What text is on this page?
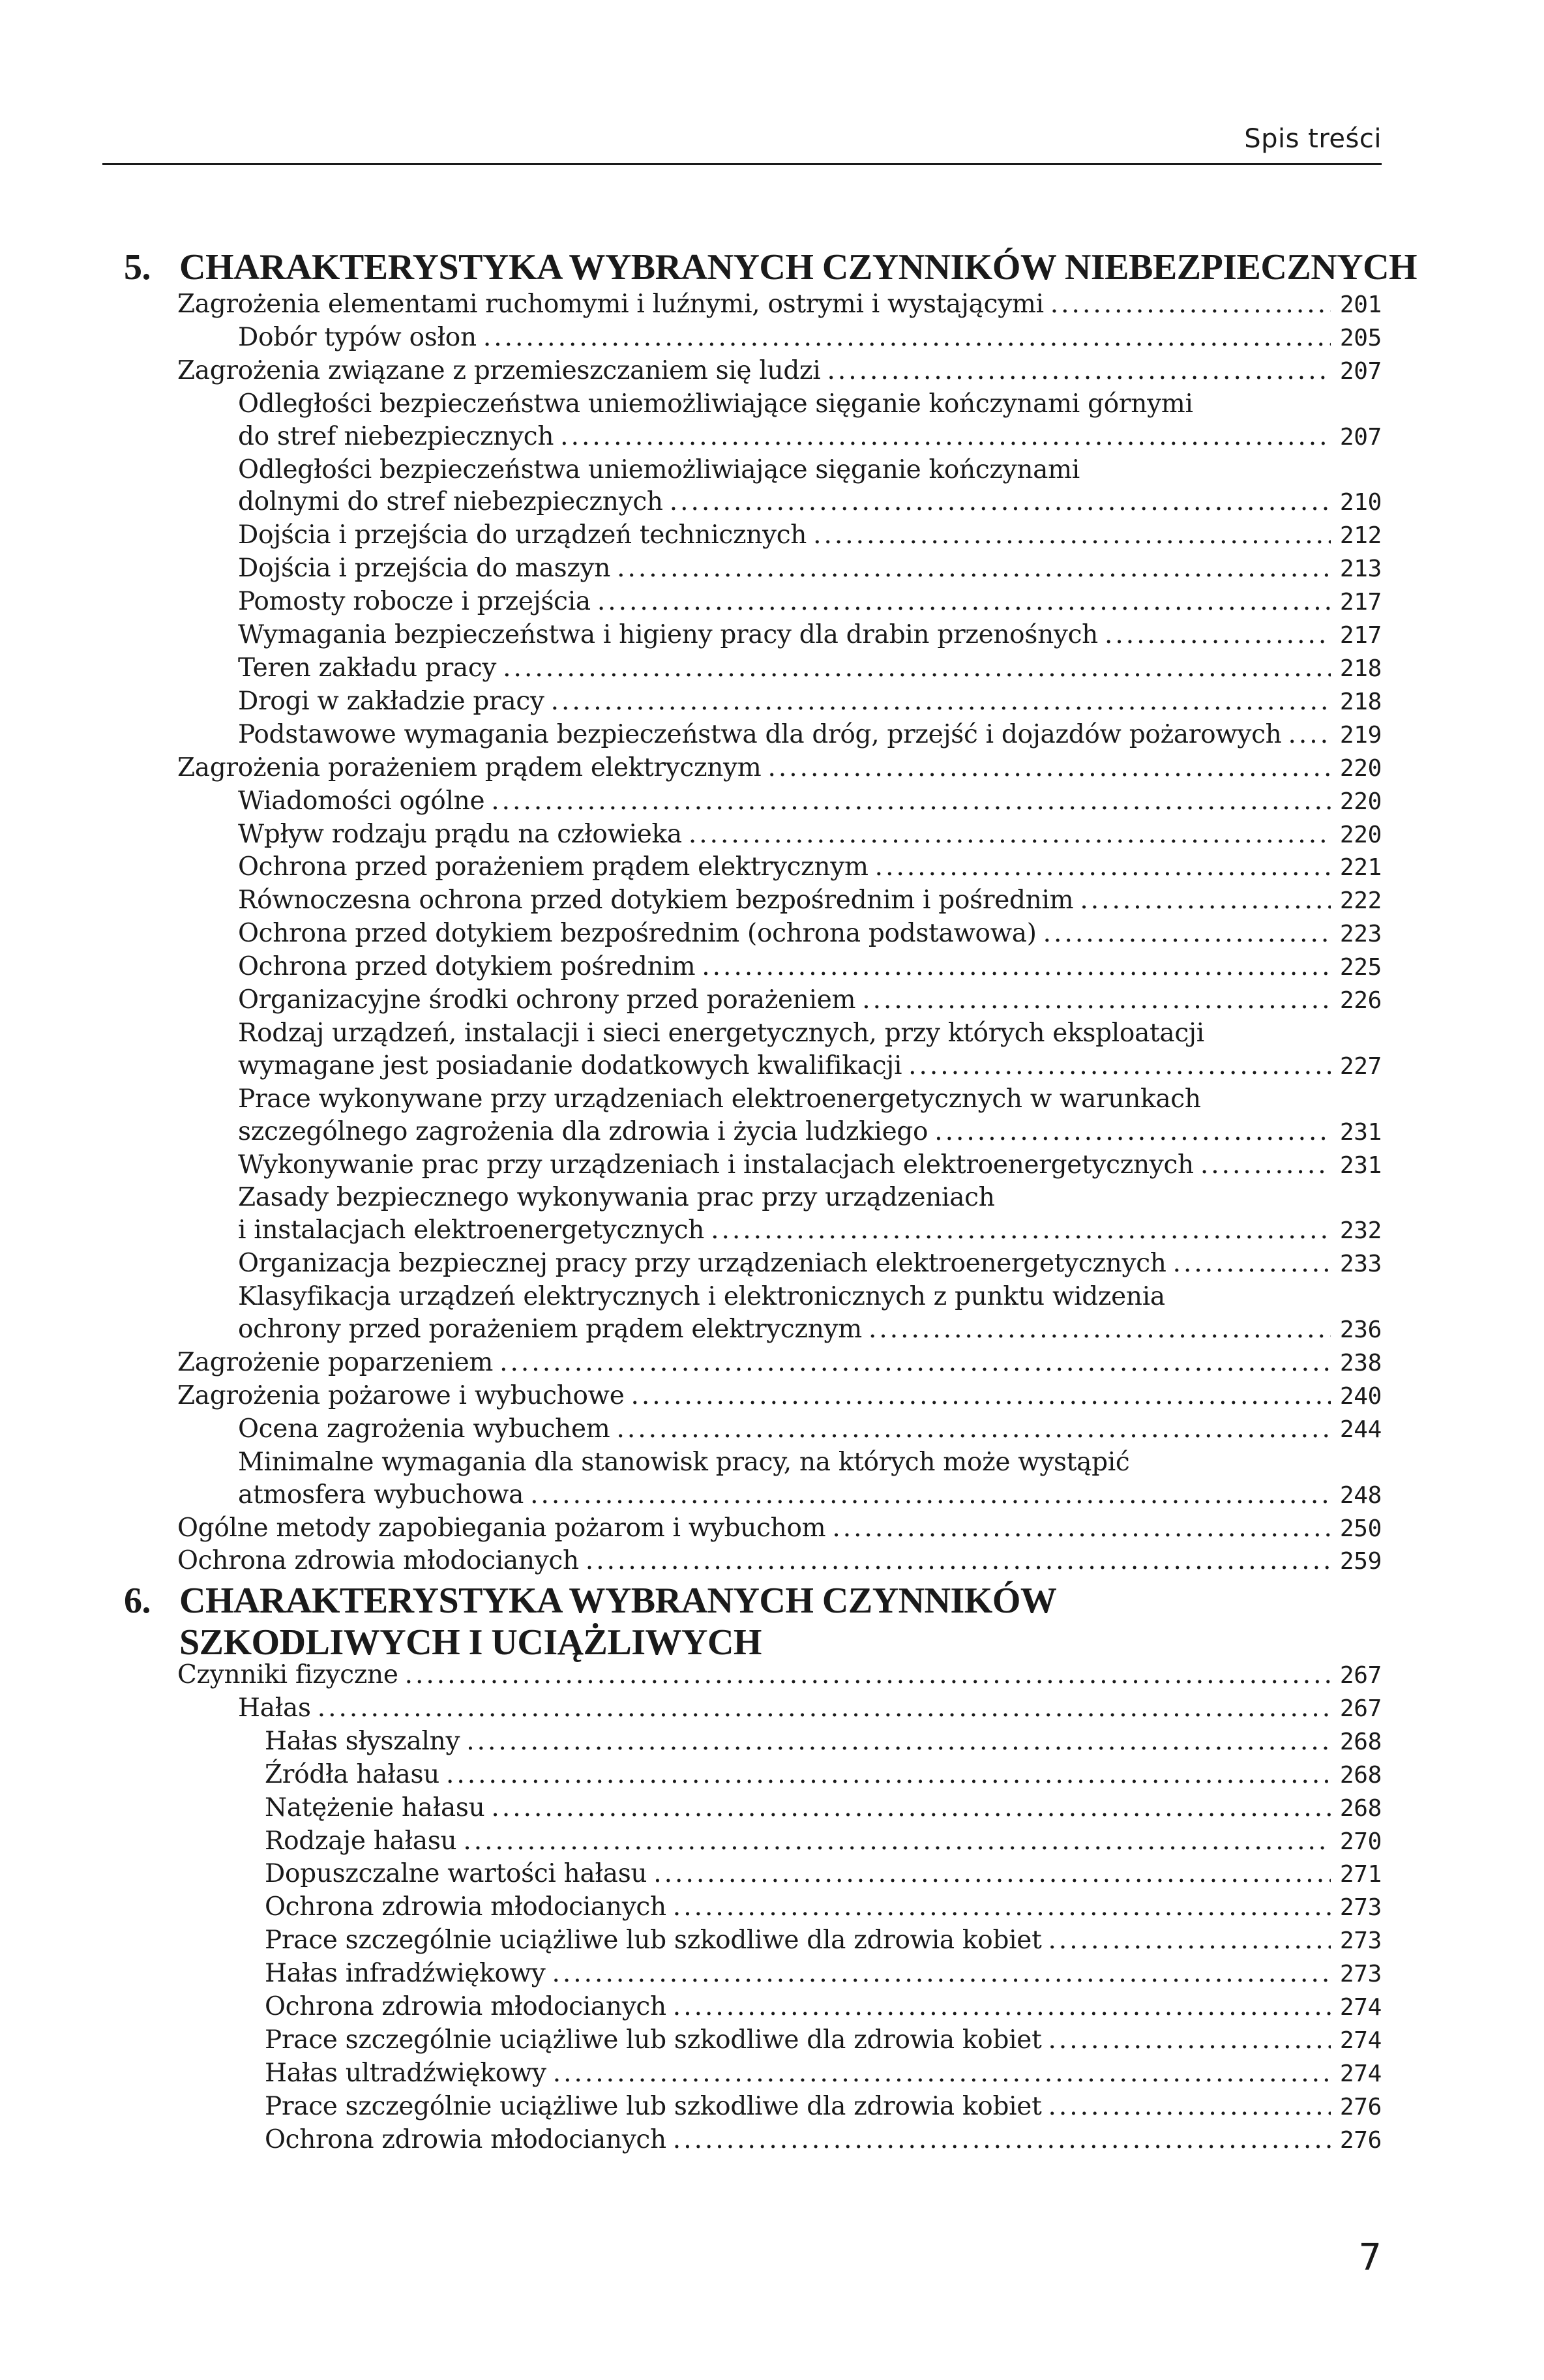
Spis treści
5. CHARAKTERYSTYKA WYBRANYCH CZYNNIKÓW NIEBEZPIECZNYCH
Zagrożenia elementami ruchomymi i luźnymi, ostrymi i wystającymi . . .	201
Dobór typów osłon . . .	205
Zagrożenia związane z przemieszczaniem się ludzi . . .	207
Odległości bezpieczeństwa uniemożliwiające sięganie kończynami górnymi
do stref niebezpiecznych . . .	207
Odległości bezpieczeństwa uniemożliwiające sięganie kończynami
dolnymi do stref niebezpiecznych . . .	210
Dojścia i przejścia do urządzeń technicznych . . .	212
Dojścia i przejścia do maszyn . . .	213
Pomosty robocze i przejścia . . .	217
Wymagania bezpieczeństwa i higieny pracy dla drabin przenośnych . . .	217
Teren zakładu pracy . . .	218
Drogi w zakładzie pracy . . .	218
Podstawowe wymagania bezpieczeństwa dla dróg, przejść i dojazdów pożarowych . . . 219
Zagrożenia porażeniem prądem elektrycznym . . .	220
Wiadomości ogólne . . .	220
Wpływ rodzaju prądu na człowieka . . .	220
Ochrona przed porażeniem prądem elektrycznym . . .	221
Równoczesna ochrona przed dotykiem bezpośrednim i pośrednim . . .	222
Ochrona przed dotykiem bezpośrednim (ochrona podstawowa) . . .	223
Ochrona przed dotykiem pośrednim . . .	225
Organizacyjne środki ochrony przed porażeniem . . .	226
Rodzaj urządzeń, instalacji i sieci energetycznych, przy których eksploatacji
wymagane jest posiadanie dodatkowych kwalifikacji . . .	227
Prace wykonywane przy urządzeniach elektroenergetycznych w warunkach
szczególnego zagrożenia dla zdrowia i życia ludzkiego . . .	231
Wykonywanie prac przy urządzeniach i instalacjach elektroenergetycznych . . .	231
Zasady bezpiecznego wykonywania prac przy urządzeniach
i instalacjach elektroenergetycznych . . .	232
Organizacja bezpiecznej pracy przy urządzeniach elektroenergetycznych . . .	233
Klasyfikacja urządzeń elektrycznych i elektronicznych z punktu widzenia
ochrony przed porażeniem prądem elektrycznym . . .	236
Zagrożenie poparzeniem . . .	238
Zagrożenia pożarowe i wybuchowe . . .	240
Ocena zagrożenia wybuchem . . .	244
Minimalne wymagania dla stanowisk pracy, na których może wystąpić
atmosfera wybuchowa . . .	248
Ogólne metody zapobiegania pożarom i wybuchom . . .	250
Ochrona zdrowia młodocianych . . .	259
6. CHARAKTERYSTYKA WYBRANYCH CZYNNIKÓW
SZKODLIWYCH I UCIĄŻLIWYCH
Czynniki fizyczne . . .	267
Hałas . . .	267
Hałas słyszalny . . .	268
Źródła hałasu . . .	268
Natężenie hałasu . . .	268
Rodzaje hałasu . . .	270
Dopuszczalne wartości hałasu . . .	271
Ochrona zdrowia młodocianych . . .	273
Prace szczególnie uciążliwe lub szkodliwe dla zdrowia kobiet . . .	273
Hałas infradźwiękowy . . .	273
Ochrona zdrowia młodocianych . . .	274
Prace szczególnie uciążliwe lub szkodliwe dla zdrowia kobiet . . .	274
Hałas ultradźwiękowy . . .	274
Prace szczególnie uciążliwe lub szkodliwe dla zdrowia kobiet . . .	276
Ochrona zdrowia młodocianych . . .	276
7
